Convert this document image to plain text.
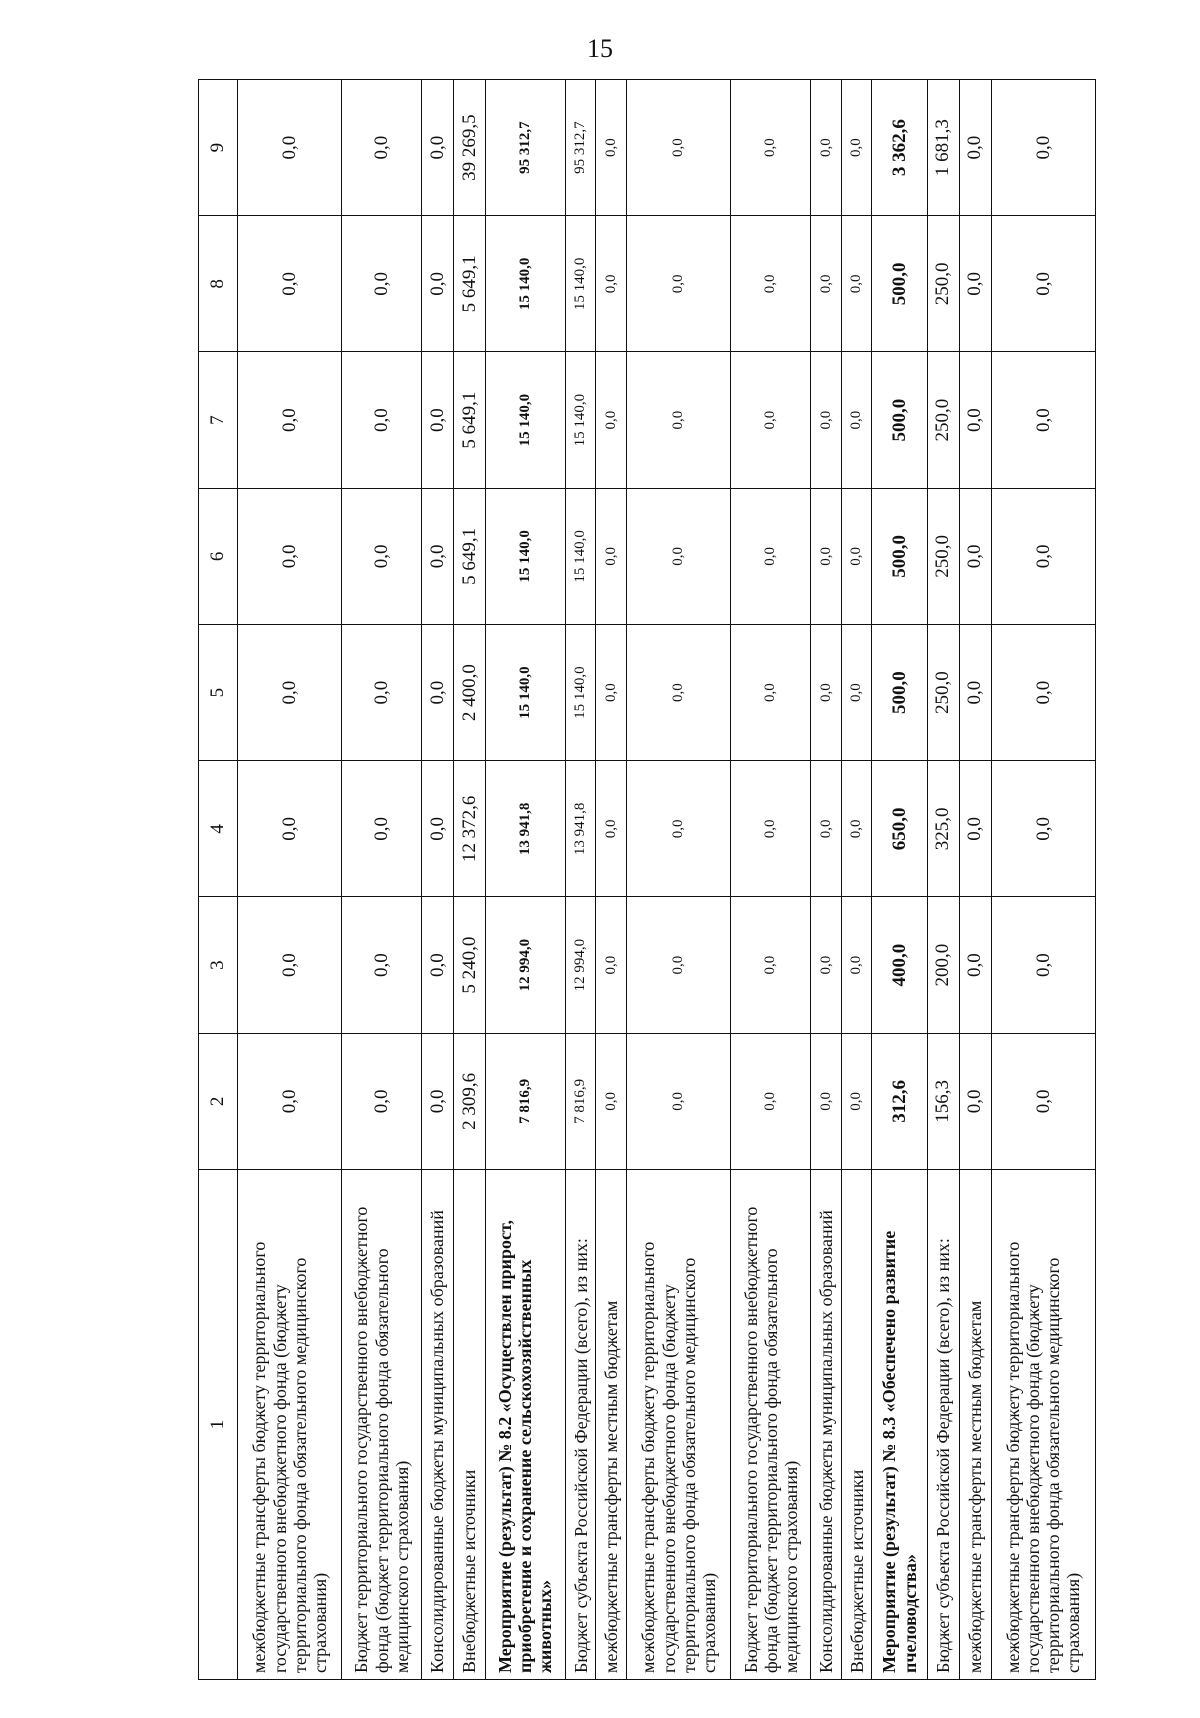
15
1	2	3	4	5	6	7	8	9
межбюджетные трансферты бюджету территориального государственного внебюджетного фонда (бюджету территориального фонда обязательного медицинского страхования)	0,0	0,0	0,0	0,0	0,0	0,0	0,0	0,0
Бюджет территориального государственного внебюджетного фонда (бюджет территориального фонда обязательного медицинского страхования)	0,0	0,0	0,0	0,0	0,0	0,0	0,0	0,0
Консолидированные бюджеты муниципальных образований	0,0	0,0	0,0	0,0	0,0	0,0	0,0	0,0
Внебюджетные источники	2 309,6	5 240,0	12 372,6	2 400,0	5 649,1	5 649,1	5 649,1	39 269,5
Мероприятие (результат) № 8.2 «Осуществлен прирост, приобретение и сохранение сельскохозяйственных животных»	7 816,9	12 994,0	13 941,8	15 140,0	15 140,0	15 140,0	15 140,0	95 312,7
Бюджет субъекта Российской Федерации (всего), из них:	7 816,9	12 994,0	13 941,8	15 140,0	15 140,0	15 140,0	15 140,0	95 312,7
межбюджетные трансферты местным бюджетам	0,0	0,0	0,0	0,0	0,0	0,0	0,0	0,0
межбюджетные трансферты бюджету территориального государственного внебюджетного фонда (бюджету территориального фонда обязательного медицинского страхования)	0,0	0,0	0,0	0,0	0,0	0,0	0,0	0,0
Бюджет территориального государственного внебюджетного фонда (бюджет территориального фонда обязательного медицинского страхования)	0,0	0,0	0,0	0,0	0,0	0,0	0,0	0,0
Консолидированные бюджеты муниципальных образований	0,0	0,0	0,0	0,0	0,0	0,0	0,0	0,0
Внебюджетные источники	0,0	0,0	0,0	0,0	0,0	0,0	0,0	0,0
Мероприятие (результат) № 8.3 «Обеспечено развитие пчеловодства»	312,6	400,0	650,0	500,0	500,0	500,0	500,0	3 362,6
Бюджет субъекта Российской Федерации (всего), из них:	156,3	200,0	325,0	250,0	250,0	250,0	250,0	1 681,3
межбюджетные трансферты местным бюджетам	0,0	0,0	0,0	0,0	0,0	0,0	0,0	0,0
межбюджетные трансферты бюджету территориального государственного внебюджетного фонда (бюджету территориального фонда обязательного медицинского страхования)	0,0	0,0	0,0	0,0	0,0	0,0	0,0	0,0
